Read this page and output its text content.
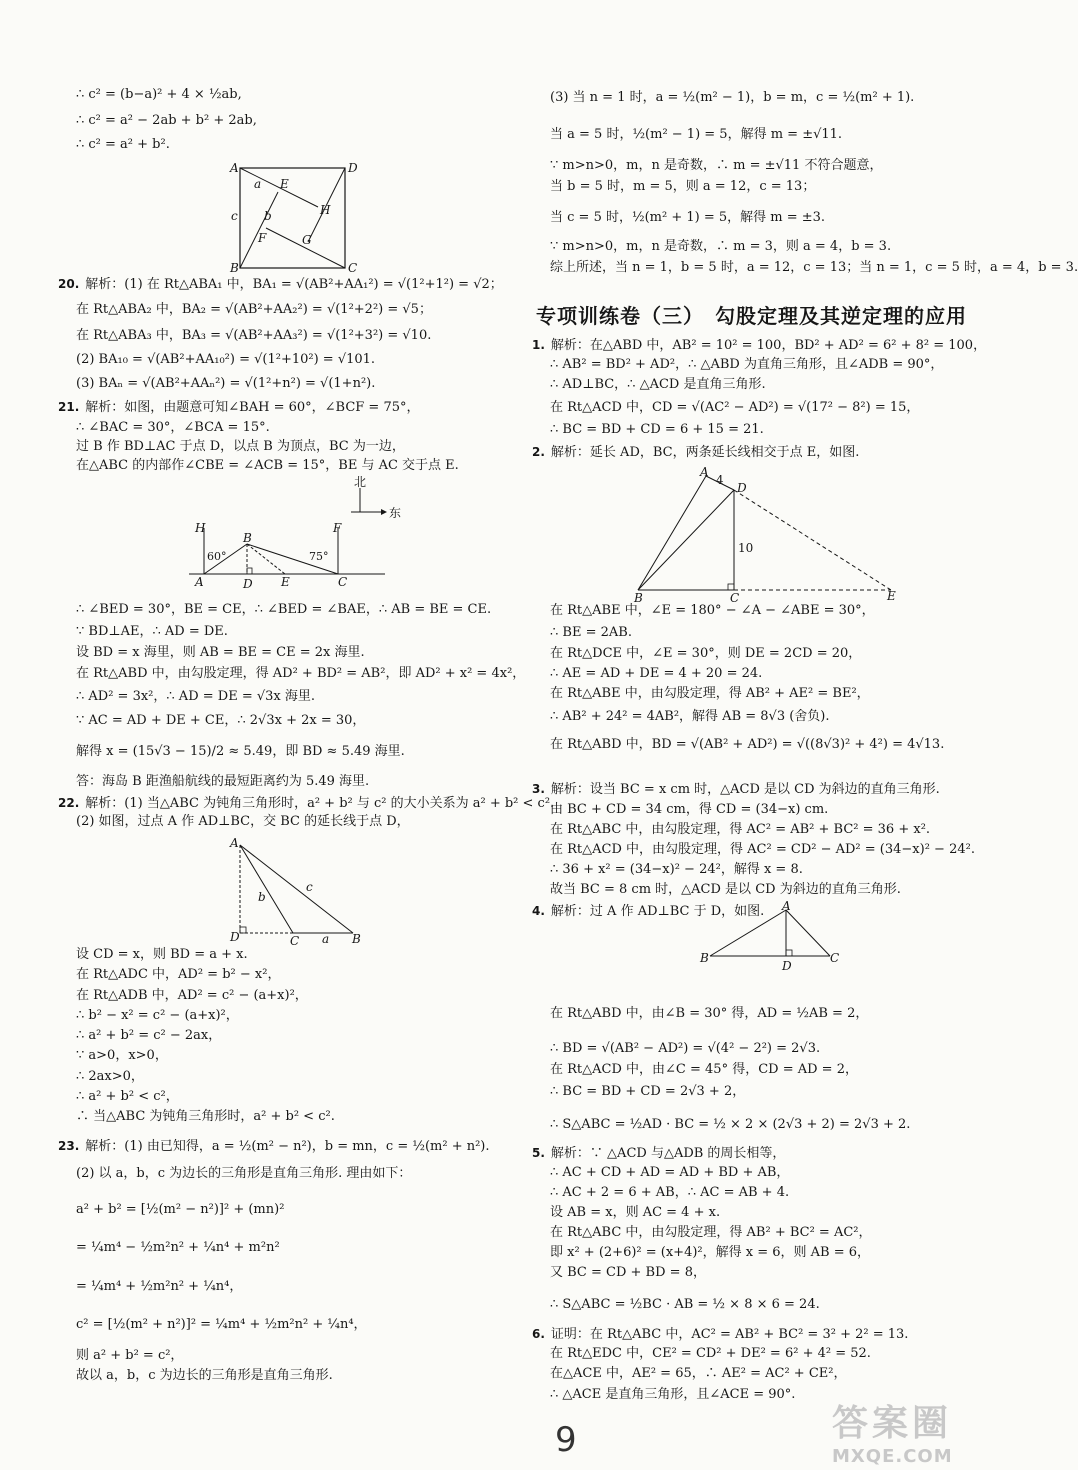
∴ c² = (b−a)² + 4 × ½ab,
∴ c² = a² − 2ab + b² + 2ab,
∴ c² = a² + b².
20. 解析：(1) 在 Rt△ABA₁ 中，BA₁ = √(AB²+AA₁²) = √(1²+1²) = √2；
在 Rt△ABA₂ 中，BA₂ = √(AB²+AA₂²) = √(1²+2²) = √5；
在 Rt△ABA₃ 中，BA₃ = √(AB²+AA₃²) = √(1²+3²) = √10.
(2) BA₁₀ = √(AB²+AA₁₀²) = √(1²+10²) = √101.
(3) BAₙ = √(AB²+AAₙ²) = √(1²+n²) = √(1+n²).
21. 解析：如图，由题意可知∠BAH = 60°，∠BCF = 75°，
∴ ∠BAC = 30°，∠BCA = 15°.
过 B 作 BD⊥AC 于点 D，以点 B 为顶点，BC 为一边，
在△ABC 的内部作∠CBE = ∠ACB = 15°，BE 与 AC 交于点 E.
∴ ∠BED = 30°，BE = CE，∴ ∠BED = ∠BAE，∴ AB = BE = CE.
∵ BD⊥AE，∴ AD = DE.
设 BD = x 海里，则 AB = BE = CE = 2x 海里.
在 Rt△ABD 中，由勾股定理，得 AD² + BD² = AB²，即 AD² + x² = 4x²，
∴ AD² = 3x²，∴ AD = DE = √3x 海里.
∵ AC = AD + DE + CE，∴ 2√3x + 2x = 30，
解得 x = (15√3 − 15)/2 ≈ 5.49，即 BD ≈ 5.49 海里.
答：海岛 B 距渔船航线的最短距离约为 5.49 海里.
22. 解析：(1) 当△ABC 为钝角三角形时，a² + b² 与 c² 的大小关系为 a² + b² < c².
(2) 如图，过点 A 作 AD⊥BC，交 BC 的延长线于点 D，
设 CD = x，则 BD = a + x.
在 Rt△ADC 中，AD² = b² − x²，
在 Rt△ADB 中，AD² = c² − (a+x)²，
∴ b² − x² = c² − (a+x)²，
∴ a² + b² = c² − 2ax，
∵ a>0，x>0，
∴ 2ax>0，
∴ a² + b² < c²，
∴ 当△ABC 为钝角三角形时，a² + b² < c².
23. 解析：(1) 由已知得，a = ½(m² − n²)，b = mn，c = ½(m² + n²).
(2) 以 a，b，c 为边长的三角形是直角三角形. 理由如下：
a² + b² = [½(m² − n²)]² + (mn)²
= ¼m⁴ − ½m²n² + ¼n⁴ + m²n²
= ¼m⁴ + ½m²n² + ¼n⁴，
c² = [½(m² + n²)]² = ¼m⁴ + ½m²n² + ¼n⁴，
则 a² + b² = c²，
故以 a，b，c 为边长的三角形是直角三角形.
(3) 当 n = 1 时，a = ½(m² − 1)，b = m，c = ½(m² + 1).
当 a = 5 时，½(m² − 1) = 5，解得 m = ±√11.
∵ m>n>0，m，n 是奇数，∴ m = ±√11 不符合题意，
当 b = 5 时，m = 5，则 a = 12，c = 13；
当 c = 5 时，½(m² + 1) = 5，解得 m = ±3.
∵ m>n>0，m，n 是奇数，∴ m = 3，则 a = 4，b = 3.
综上所述，当 n = 1，b = 5 时，a = 12，c = 13；当 n = 1，c = 5 时，a = 4，b = 3.
1. 解析：在△ABD 中，AB² = 10² = 100，BD² + AD² = 6² + 8² = 100，
∴ AB² = BD² + AD²，∴ △ABD 为直角三角形，且∠ADB = 90°，
∴ AD⊥BC，∴ △ACD 是直角三角形.
在 Rt△ACD 中，CD = √(AC² − AD²) = √(17² − 8²) = 15，
∴ BC = BD + CD = 6 + 15 = 21.
2. 解析：延长 AD，BC，两条延长线相交于点 E，如图.
在 Rt△ABE 中，∠E = 180° − ∠A − ∠ABE = 30°，
∴ BE = 2AB.
在 Rt△DCE 中，∠E = 30°，则 DE = 2CD = 20，
∴ AE = AD + DE = 4 + 20 = 24.
在 Rt△ABE 中，由勾股定理，得 AB² + AE² = BE²，
∴ AB² + 24² = 4AB²，解得 AB = 8√3 (舍负).
在 Rt△ABD 中，BD = √(AB² + AD²) = √((8√3)² + 4²) = 4√13.
3. 解析：设当 BC = x cm 时，△ACD 是以 CD 为斜边的直角三角形.
由 BC + CD = 34 cm，得 CD = (34−x) cm.
在 Rt△ABC 中，由勾股定理，得 AC² = AB² + BC² = 36 + x².
在 Rt△ACD 中，由勾股定理，得 AC² = CD² − AD² = (34−x)² − 24².
∴ 36 + x² = (34−x)² − 24²，解得 x = 8.
故当 BC = 8 cm 时，△ACD 是以 CD 为斜边的直角三角形.
4. 解析：过 A 作 AD⊥BC 于 D，如图.
在 Rt△ABD 中，由∠B = 30° 得，AD = ½AB = 2，
∴ BD = √(AB² − AD²) = √(4² − 2²) = 2√3.
在 Rt△ACD 中，由∠C = 45° 得，CD = AD = 2，
∴ BC = BD + CD = 2√3 + 2，
∴ S△ABC = ½AD · BC = ½ × 2 × (2√3 + 2) = 2√3 + 2.
5. 解析：∵ △ACD 与△ADB 的周长相等，
∴ AC + CD + AD = AD + BD + AB，
∴ AC + 2 = 6 + AB，∴ AC = AB + 4.
设 AB = x，则 AC = 4 + x.
在 Rt△ABC 中，由勾股定理，得 AB² + BC² = AC²，
即 x² + (2+6)² = (x+4)²，解得 x = 6，则 AB = 6，
又 BC = CD + BD = 8，
∴ S△ABC = ½BC · AB = ½ × 8 × 6 = 24.
6. 证明：在 Rt△ABC 中，AC² = AB² + BC² = 3² + 2² = 13.
在 Rt△EDC 中，CE² = CD² + DE² = 6² + 4² = 52.
在△ACE 中，AE² = 65，∴ AE² = AC² + CE²，
∴ △ACE 是直角三角形，且∠ACE = 90°.
专项训练卷（三）　勾股定理及其逆定理的应用
A	D
B	C
E
H
F	G
a
b
c
北
东
H	F
A
B
D E	C
60°	75°
A
D	C	B
a
b
c
A
D
B	C	E
4
10
A
B
D
C
9	答案圈
MXQE.COM
